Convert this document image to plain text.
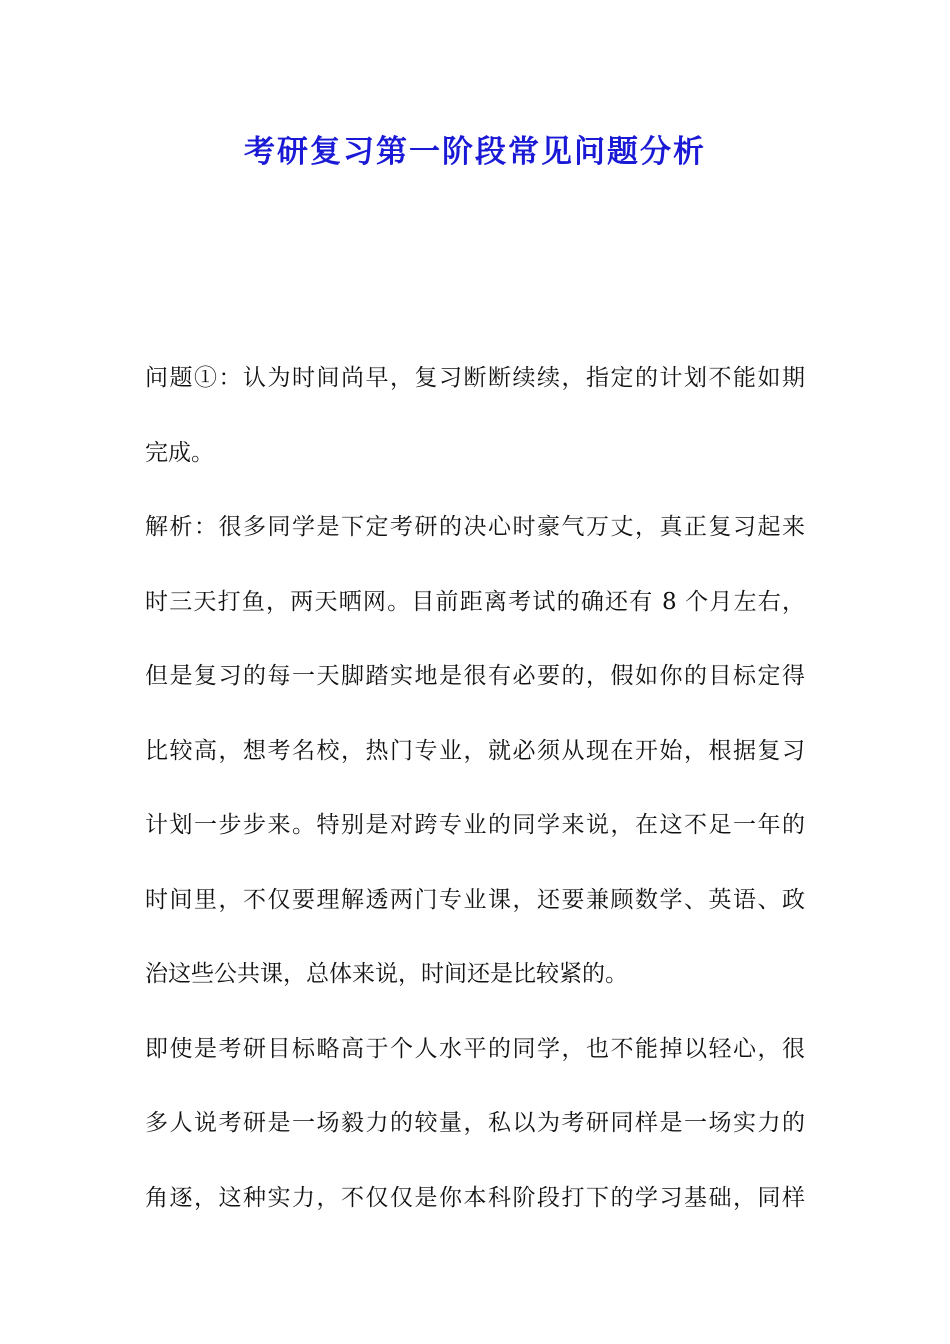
考研复习第一阶段常见问题分析
问题①：认为时间尚早，复习断断续续，指定的计划不能如期
完成。
解析：很多同学是下定考研的决心时豪气万丈，真正复习起来
时三天打鱼，两天晒网。目前距离考试的确还有 8 个月左右，
但是复习的每一天脚踏实地是很有必要的，假如你的目标定得
比较高，想考名校，热门专业，就必须从现在开始，根据复习
计划一步步来。特别是对跨专业的同学来说，在这不足一年的
时间里，不仅要理解透两门专业课，还要兼顾数学、英语、政
治这些公共课，总体来说，时间还是比较紧的。
即使是考研目标略高于个人水平的同学，也不能掉以轻心，很
多人说考研是一场毅力的较量，私以为考研同样是一场实力的
角逐，这种实力，不仅仅是你本科阶段打下的学习基础，同样
